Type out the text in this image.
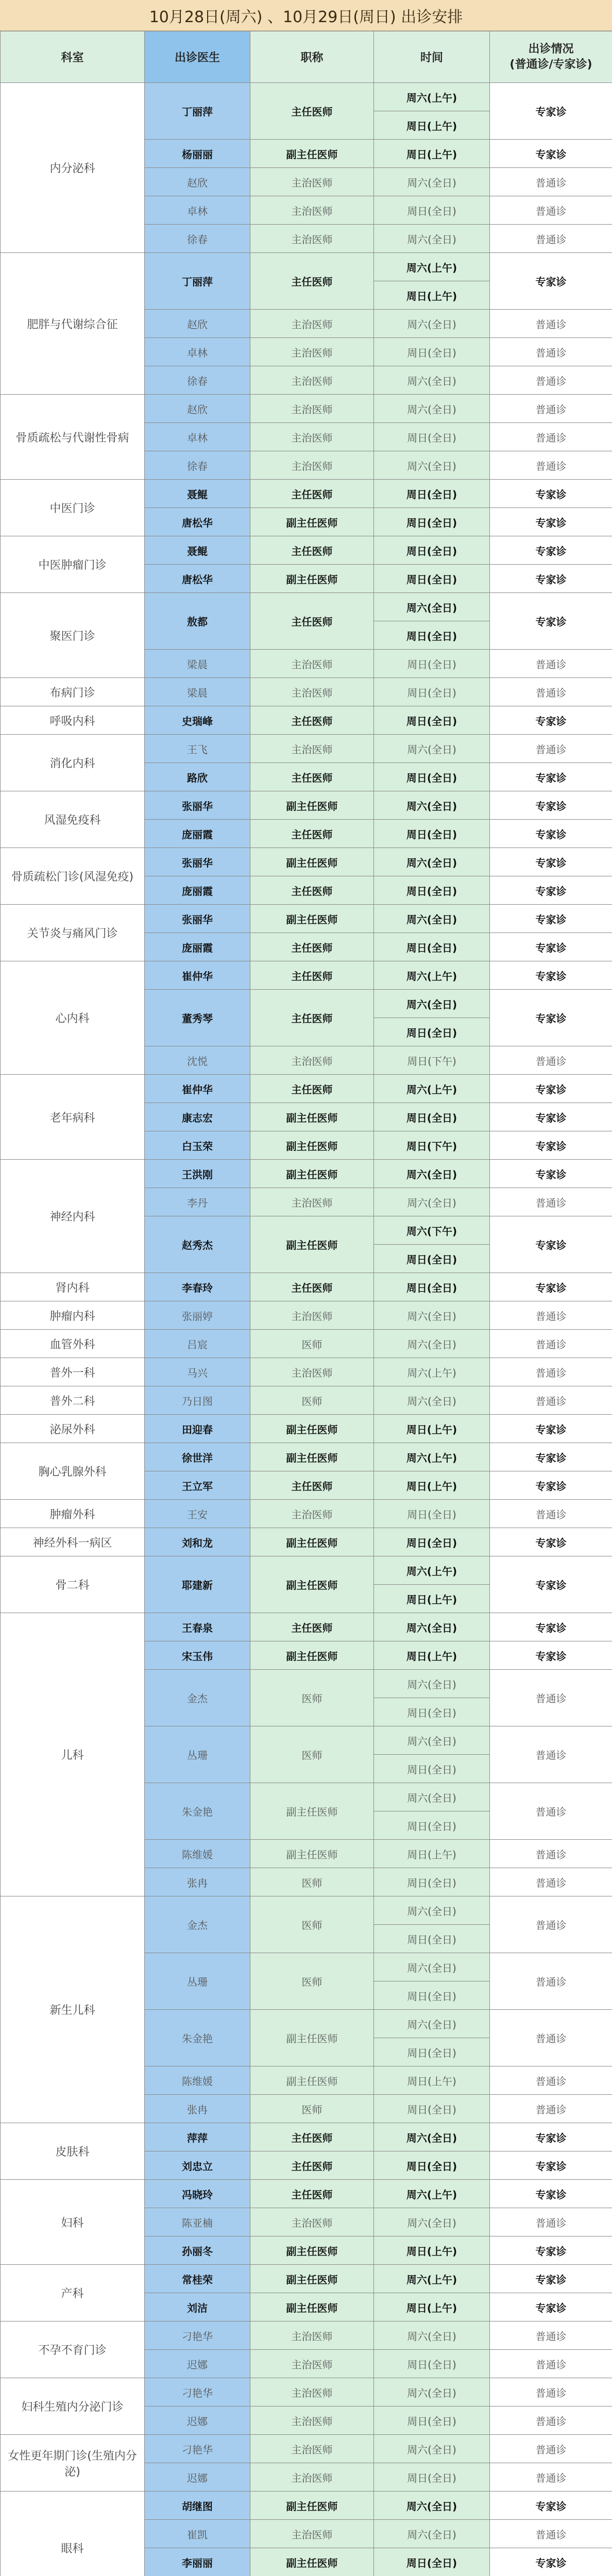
10月28日(周六) 、10月29日(周日) 出诊安排
科室	出诊医生	职称	时间	出诊情况
(普通诊/专家诊)

内分泌科	丁丽萍	主任医师	周六(上午)	专家诊
			周日(上午)	
	杨丽丽	副主任医师	周日(上午)	专家诊
	赵欣	主治医师	周六(全日)	普通诊
	卓林	主治医师	周日(全日)	普通诊
	徐春	主治医师	周六(全日)	普通诊
肥胖与代谢综合征	丁丽萍	主任医师	周六(上午)	专家诊
			周日(上午)	
	赵欣	主治医师	周六(全日)	普通诊
	卓林	主治医师	周日(全日)	普通诊
	徐春	主治医师	周六(全日)	普通诊
骨质疏松与代谢性骨病	赵欣	主治医师	周六(全日)	普通诊
	卓林	主治医师	周日(全日)	普通诊
	徐春	主治医师	周六(全日)	普通诊
中医门诊	聂鲲	主任医师	周日(全日)	专家诊
	唐松华	副主任医师	周日(全日)	专家诊
中医肿瘤门诊	聂鲲	主任医师	周日(全日)	专家诊
	唐松华	副主任医师	周日(全日)	专家诊
聚医门诊	敖都	主任医师	周六(全日)	专家诊
			周日(全日)	
	梁晨	主治医师	周日(全日)	普通诊
布病门诊	梁晨	主治医师	周日(全日)	普通诊
呼吸内科	史瑞峰	主任医师	周日(全日)	专家诊
消化内科	王飞	主治医师	周六(全日)	普通诊
	路欣	主任医师	周日(全日)	专家诊
风湿免疫科	张丽华	副主任医师	周六(全日)	专家诊
	庞丽霞	主任医师	周日(全日)	专家诊
骨质疏松门诊(风湿免疫)	张丽华	副主任医师	周六(全日)	专家诊
	庞丽霞	主任医师	周日(全日)	专家诊
关节炎与痛风门诊	张丽华	副主任医师	周六(全日)	专家诊
	庞丽霞	主任医师	周日(全日)	专家诊
心内科	崔仲华	主任医师	周六(上午)	专家诊
	董秀琴	主任医师	周六(全日)	专家诊
			周日(全日)	
	沈悦	主治医师	周日(下午)	普通诊
老年病科	崔仲华	主任医师	周六(上午)	专家诊
	康志宏	副主任医师	周日(全日)	专家诊
	白玉荣	副主任医师	周日(下午)	专家诊
神经内科	王洪刚	副主任医师	周六(全日)	专家诊
	李丹	主治医师	周六(全日)	普通诊
	赵秀杰	副主任医师	周六(下午)	专家诊
			周日(全日)	
肾内科	李春玲	主任医师	周日(全日)	专家诊
肿瘤内科	张丽婷	主治医师	周六(全日)	普通诊
血管外科	吕宸	医师	周六(全日)	普通诊
普外一科	马兴	主治医师	周六(上午)	普通诊
普外二科	乃日图	医师	周六(全日)	普通诊
泌尿外科	田迎春	副主任医师	周日(上午)	专家诊
胸心乳腺外科	徐世洋	副主任医师	周六(上午)	专家诊
	王立军	主任医师	周日(上午)	专家诊
肿瘤外科	王安	主治医师	周日(全日)	普通诊
神经外科一病区	刘和龙	副主任医师	周日(全日)	专家诊
骨二科	耶建新	副主任医师	周六(上午)	专家诊
			周日(上午)	
儿科	王春泉	主任医师	周六(全日)	专家诊
	宋玉伟	副主任医师	周日(上午)	专家诊
	金杰	医师	周六(全日)	普通诊
			周日(全日)	
	丛珊	医师	周六(全日)	普通诊
			周日(全日)	
	朱金艳	副主任医师	周六(全日)	普通诊
			周日(全日)	
	陈维媛	副主任医师	周日(上午)	普通诊
	张冉	医师	周日(全日)	普通诊
新生儿科	金杰	医师	周六(全日)	普通诊
			周日(全日)	
	丛珊	医师	周六(全日)	普通诊
			周日(全日)	
	朱金艳	副主任医师	周六(全日)	普通诊
			周日(全日)	
	陈维媛	副主任医师	周日(上午)	普通诊
	张冉	医师	周日(全日)	普通诊
皮肤科	萍萍	主任医师	周六(全日)	专家诊
	刘忠立	主任医师	周日(全日)	专家诊
妇科	冯晓玲	主任医师	周六(上午)	专家诊
	陈亚楠	主治医师	周六(全日)	普通诊
	孙丽冬	副主任医师	周日(上午)	专家诊
产科	常桂荣	副主任医师	周六(上午)	专家诊
	刘洁	副主任医师	周日(上午)	专家诊
不孕不育门诊	刁艳华	主治医师	周六(全日)	普通诊
	迟娜	主治医师	周日(全日)	普通诊
妇科生殖内分泌门诊	刁艳华	主治医师	周六(全日)	普通诊
	迟娜	主治医师	周日(全日)	普通诊
女性更年期门诊(生殖内分泌)	刁艳华	主治医师	周六(全日)	普通诊
	迟娜	主治医师	周日(全日)	普通诊
眼科	胡继图	副主任医师	周六(全日)	专家诊
	崔凯	主治医师	周六(全日)	普通诊
	李丽丽	副主任医师	周日(全日)	专家诊
